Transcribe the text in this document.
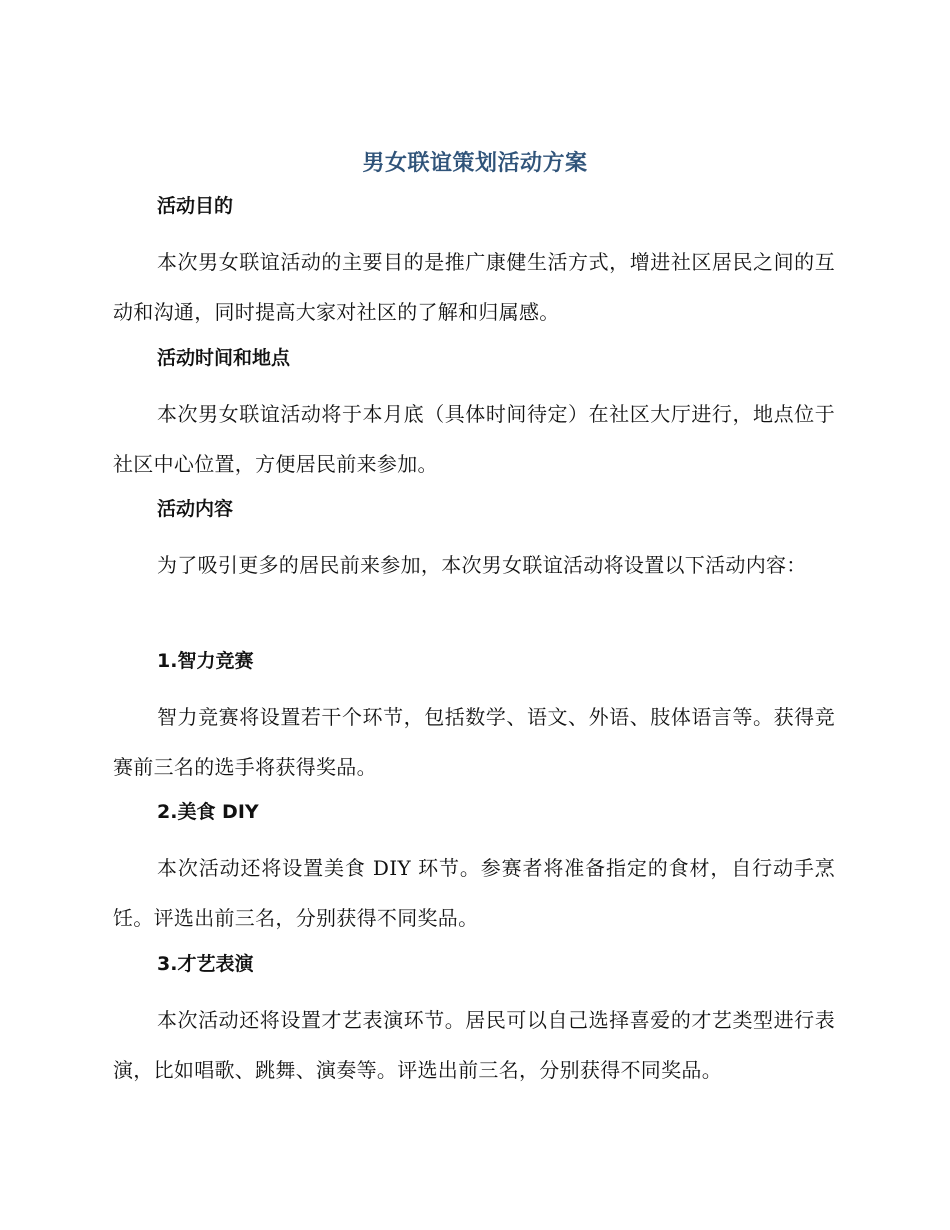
男女联谊策划活动方案
活动目的
本次男女联谊活动的主要目的是推广康健生活方式，增进社区居民之间的互动和沟通，同时提高大家对社区的了解和归属感。
活动时间和地点
本次男女联谊活动将于本月底（具体时间待定）在社区大厅进行，地点位于社区中心位置，方便居民前来参加。
活动内容
为了吸引更多的居民前来参加，本次男女联谊活动将设置以下活动内容：
1.智力竞赛
智力竞赛将设置若干个环节，包括数学、语文、外语、肢体语言等。获得竞赛前三名的选手将获得奖品。
2.美食 DIY
本次活动还将设置美食 DIY 环节。参赛者将准备指定的食材，自行动手烹饪。评选出前三名，分别获得不同奖品。
3.才艺表演
本次活动还将设置才艺表演环节。居民可以自己选择喜爱的才艺类型进行表演，比如唱歌、跳舞、演奏等。评选出前三名，分别获得不同奖品。
